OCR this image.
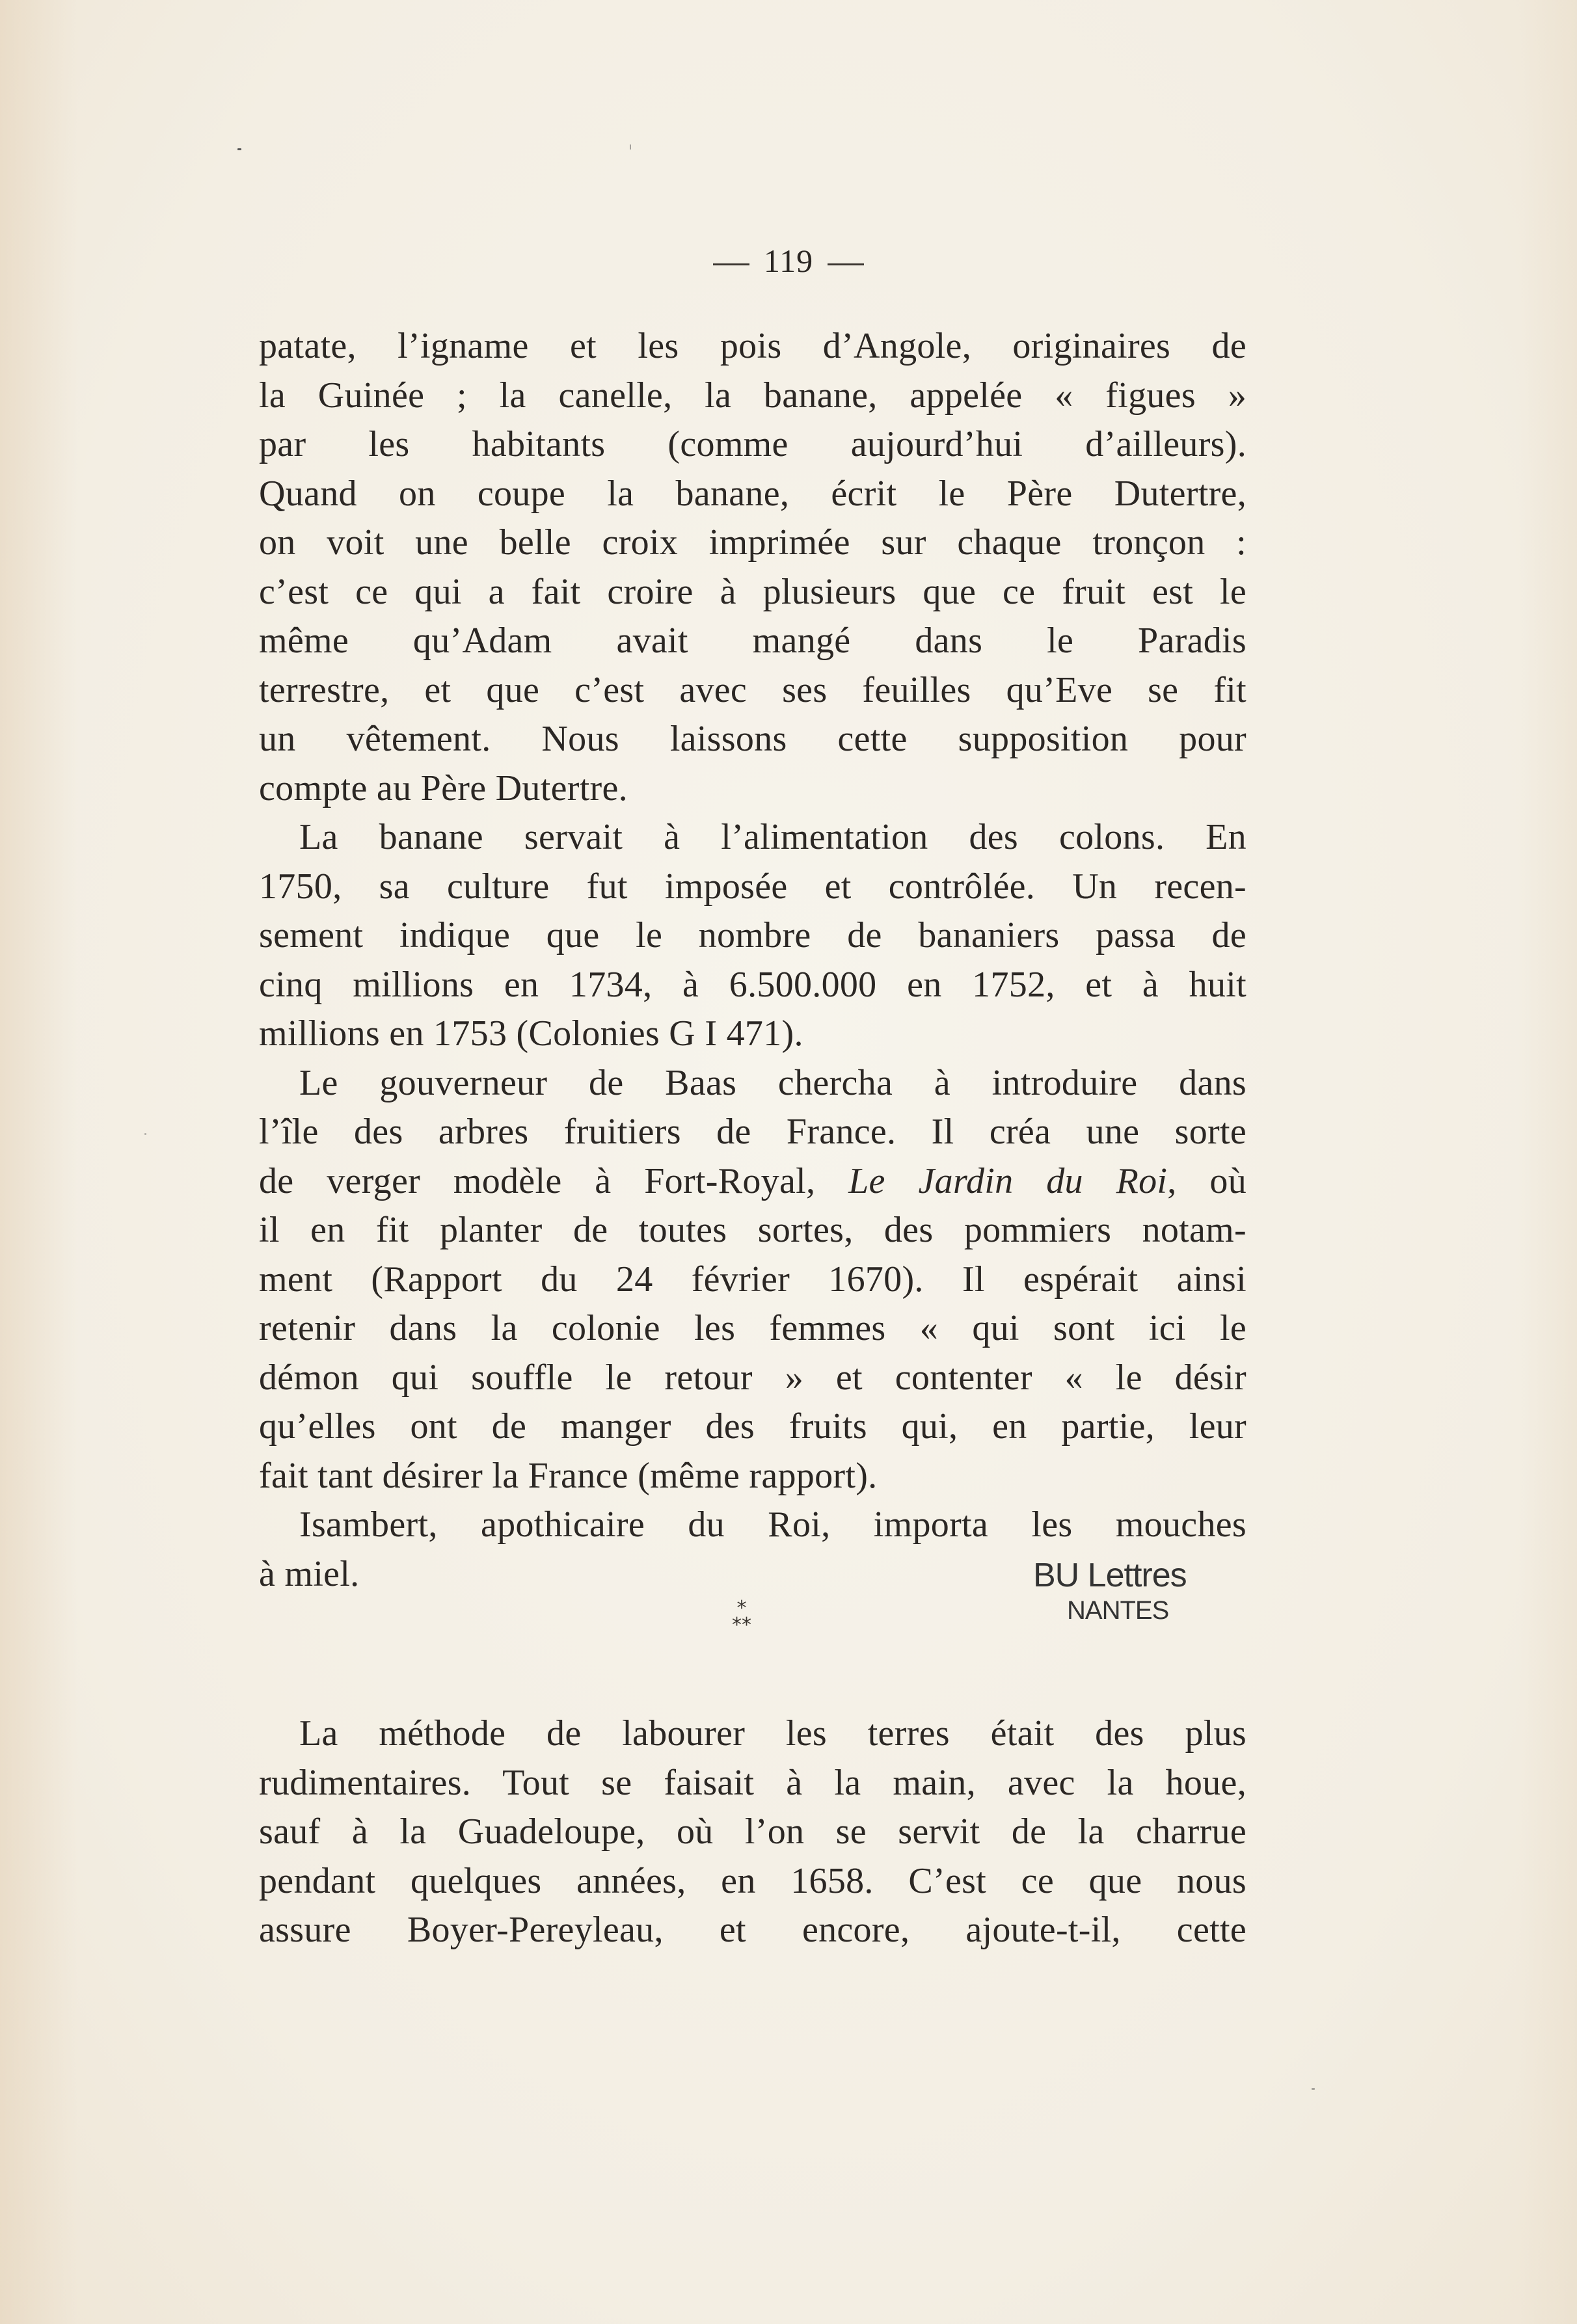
119
patate, l’igname et les pois d’Angole, originaires de
la Guinée ; la canelle, la banane, appelée « figues »
par les habitants (comme aujourd’hui d’ailleurs).
Quand on coupe la banane, écrit le Père Dutertre,
on voit une belle croix imprimée sur chaque tronçon :
c’est ce qui a fait croire à plusieurs que ce fruit est le
même qu’Adam avait mangé dans le Paradis
terrestre, et que c’est avec ses feuilles qu’Eve se fit
un vêtement. Nous laissons cette supposition pour
compte au Père Dutertre.
La banane servait à l’alimentation des colons. En
1750, sa culture fut imposée et contrôlée. Un recen-
sement indique que le nombre de bananiers passa de
cinq millions en 1734, à 6.500.000 en 1752, et à huit
millions en 1753 (Colonies G I 471).
Le gouverneur de Baas chercha à introduire dans
l’île des arbres fruitiers de France. Il créa une sorte
de verger modèle à Fort-Royal, Le Jardin du Roi, où
il en fit planter de toutes sortes, des pommiers notam-
ment (Rapport du 24 février 1670). Il espérait ainsi
retenir dans la colonie les femmes « qui sont ici le
démon qui souffle le retour » et contenter « le désir
qu’elles ont de manger des fruits qui, en partie, leur
fait tant désirer la France (même rapport).
Isambert, apothicaire du Roi, importa les mouches
à miel.	BU Lettres
NANTES
*
**
La méthode de labourer les terres était des plus
rudimentaires. Tout se faisait à la main, avec la houe,
sauf à la Guadeloupe, où l’on se servit de la charrue
pendant quelques années, en 1658. C’est ce que nous
assure Boyer-Pereyleau, et encore, ajoute-t-il, cette
